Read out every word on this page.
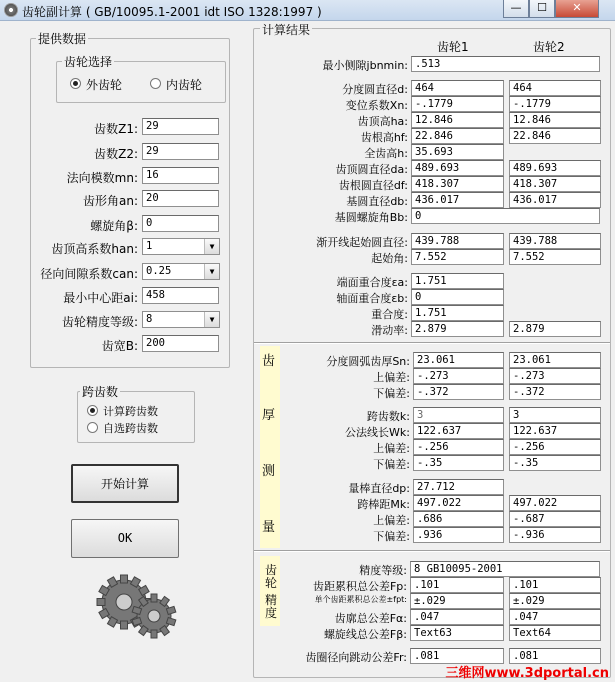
齿轮副计算 ( GB/10095.1-2001 idt ISO 1328:1997 )	—	☐	✕
提供数据
齿轮选择
外齿轮	内齿轮
齿数Z1: 29
齿数Z2: 29
法向模数mn: 16
齿形角an: 20
螺旋角β: 0
齿顶高系数han: 1	▼
径向间隙系数can: 0.25	▼
最小中心距ai: 458
齿轮精度等级: 8	▼
齿宽B: 200
跨齿数
计算跨齿数
自选跨齿数
开始计算
OK
计算结果
齿轮1	齿轮2
齿
厚
测
量
齿轮
精度
最小侧隙jbnmin: .513
分度圆直径d: 464	464
变位系数Xn: -.1779	-.1779
齿顶高ha: 12.846	12.846
齿根高hf: 22.846	22.846
全齿高h: 35.693
齿顶圆直径da: 489.693	489.693
齿根圆直径df: 418.307	418.307
基圆直径db: 436.017	436.017
基圆螺旋角Bb: 0
渐开线起始圆直径: 439.788	439.788
起始角: 7.552	7.552
端面重合度εa: 1.751
轴面重合度εb: 0
重合度: 1.751
滑动率: 2.879	2.879
分度圆弧齿厚Sn: 23.061	23.061
上偏差: -.273	-.273
下偏差: -.372	-.372
跨齿数k: 3	3
公法线长Wk: 122.637	122.637
上偏差: -.256	-.256
下偏差: -.35	-.35
量棒直径dp: 27.712
跨棒距Mk: 497.022	497.022
上偏差: .686	-.687
下偏差: .936	-.936
精度等级: 8 GB10095-2001
齿距累积总公差Fp: .101	.101
单个齿距累积总公差±fpt: ±.029	±.029
齿廓总公差Fα: .047	.047
螺旋线总公差Fβ: Text63	Text64
齿圈径向跳动公差Fr: .081	.081
三维网www.3dportal.cn
